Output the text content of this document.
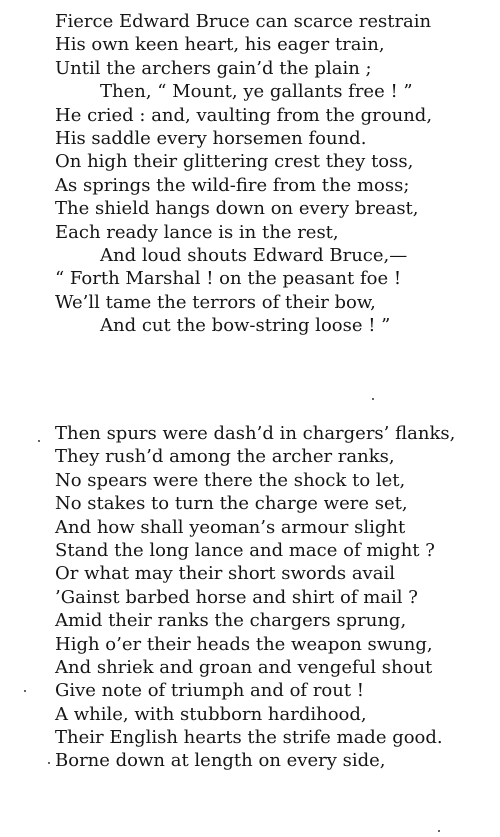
Fierce Edward Bruce can scarce restrain
His own keen heart, his eager train,
Until the archers gain’d the plain ;
Then, “ Mount, ye gallants free ! ”
He cried : and, vaulting from the ground,
His saddle every horsemen found.
On high their glittering crest they toss,
As springs the wild-fire from the moss;
The shield hangs down on every breast,
Each ready lance is in the rest,
And loud shouts Edward Bruce,—
“ Forth Marshal ! on the peasant foe !
We’ll tame the terrors of their bow,
And cut the bow-string loose ! ”
Then spurs were dash’d in chargers’ flanks,
They rush’d among the archer ranks,
No spears were there the shock to let,
No stakes to turn the charge were set,
And how shall yeoman’s armour slight
Stand the long lance and mace of might ?
Or what may their short swords avail
’Gainst barbed horse and shirt of mail ?
Amid their ranks the chargers sprung,
High o’er their heads the weapon swung,
And shriek and groan and vengeful shout
Give note of triumph and of rout !
A while, with stubborn hardihood,
Their English hearts the strife made good.
Borne down at length on every side,
